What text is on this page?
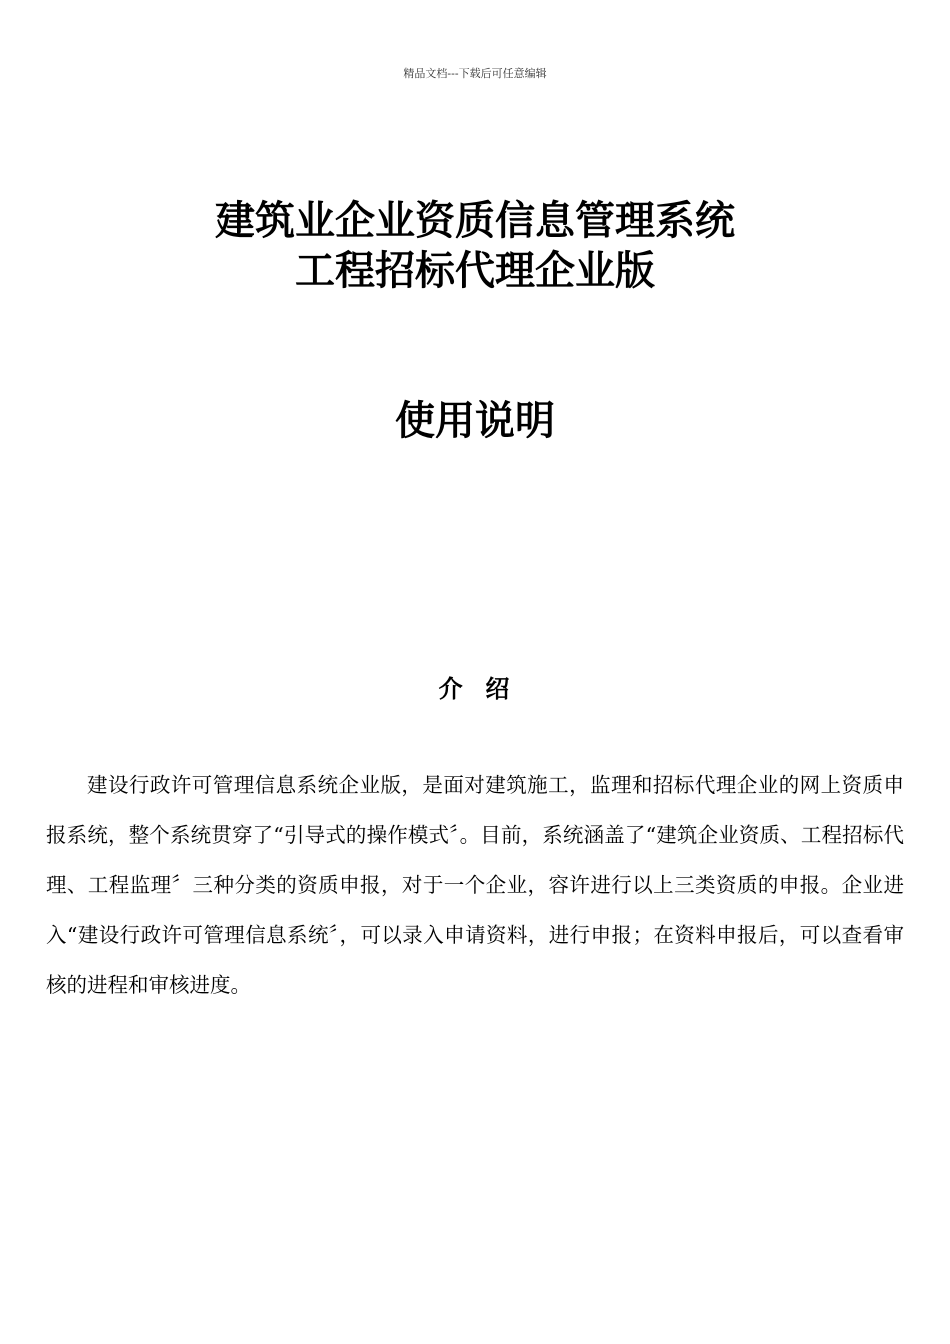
精品文档---下载后可任意编辑
建筑业企业资质信息管理系统
工程招标代理企业版
使用说明
介  绍

建设行政许可管理信息系统企业版，是面对建筑施工，监理和招标代理企业的网上资质申报系统，整个系统贯穿了“引导式的操作模式〞。目前，系统涵盖了“建筑企业资质、工程招标代理、工程监理〞三种分类的资质申报，对于一个企业，容许进行以上三类资质的申报。企业进入“建设行政许可管理信息系统〞，可以录入申请资料，进行申报；在资料申报后，可以查看审核的进程和审核进度。
